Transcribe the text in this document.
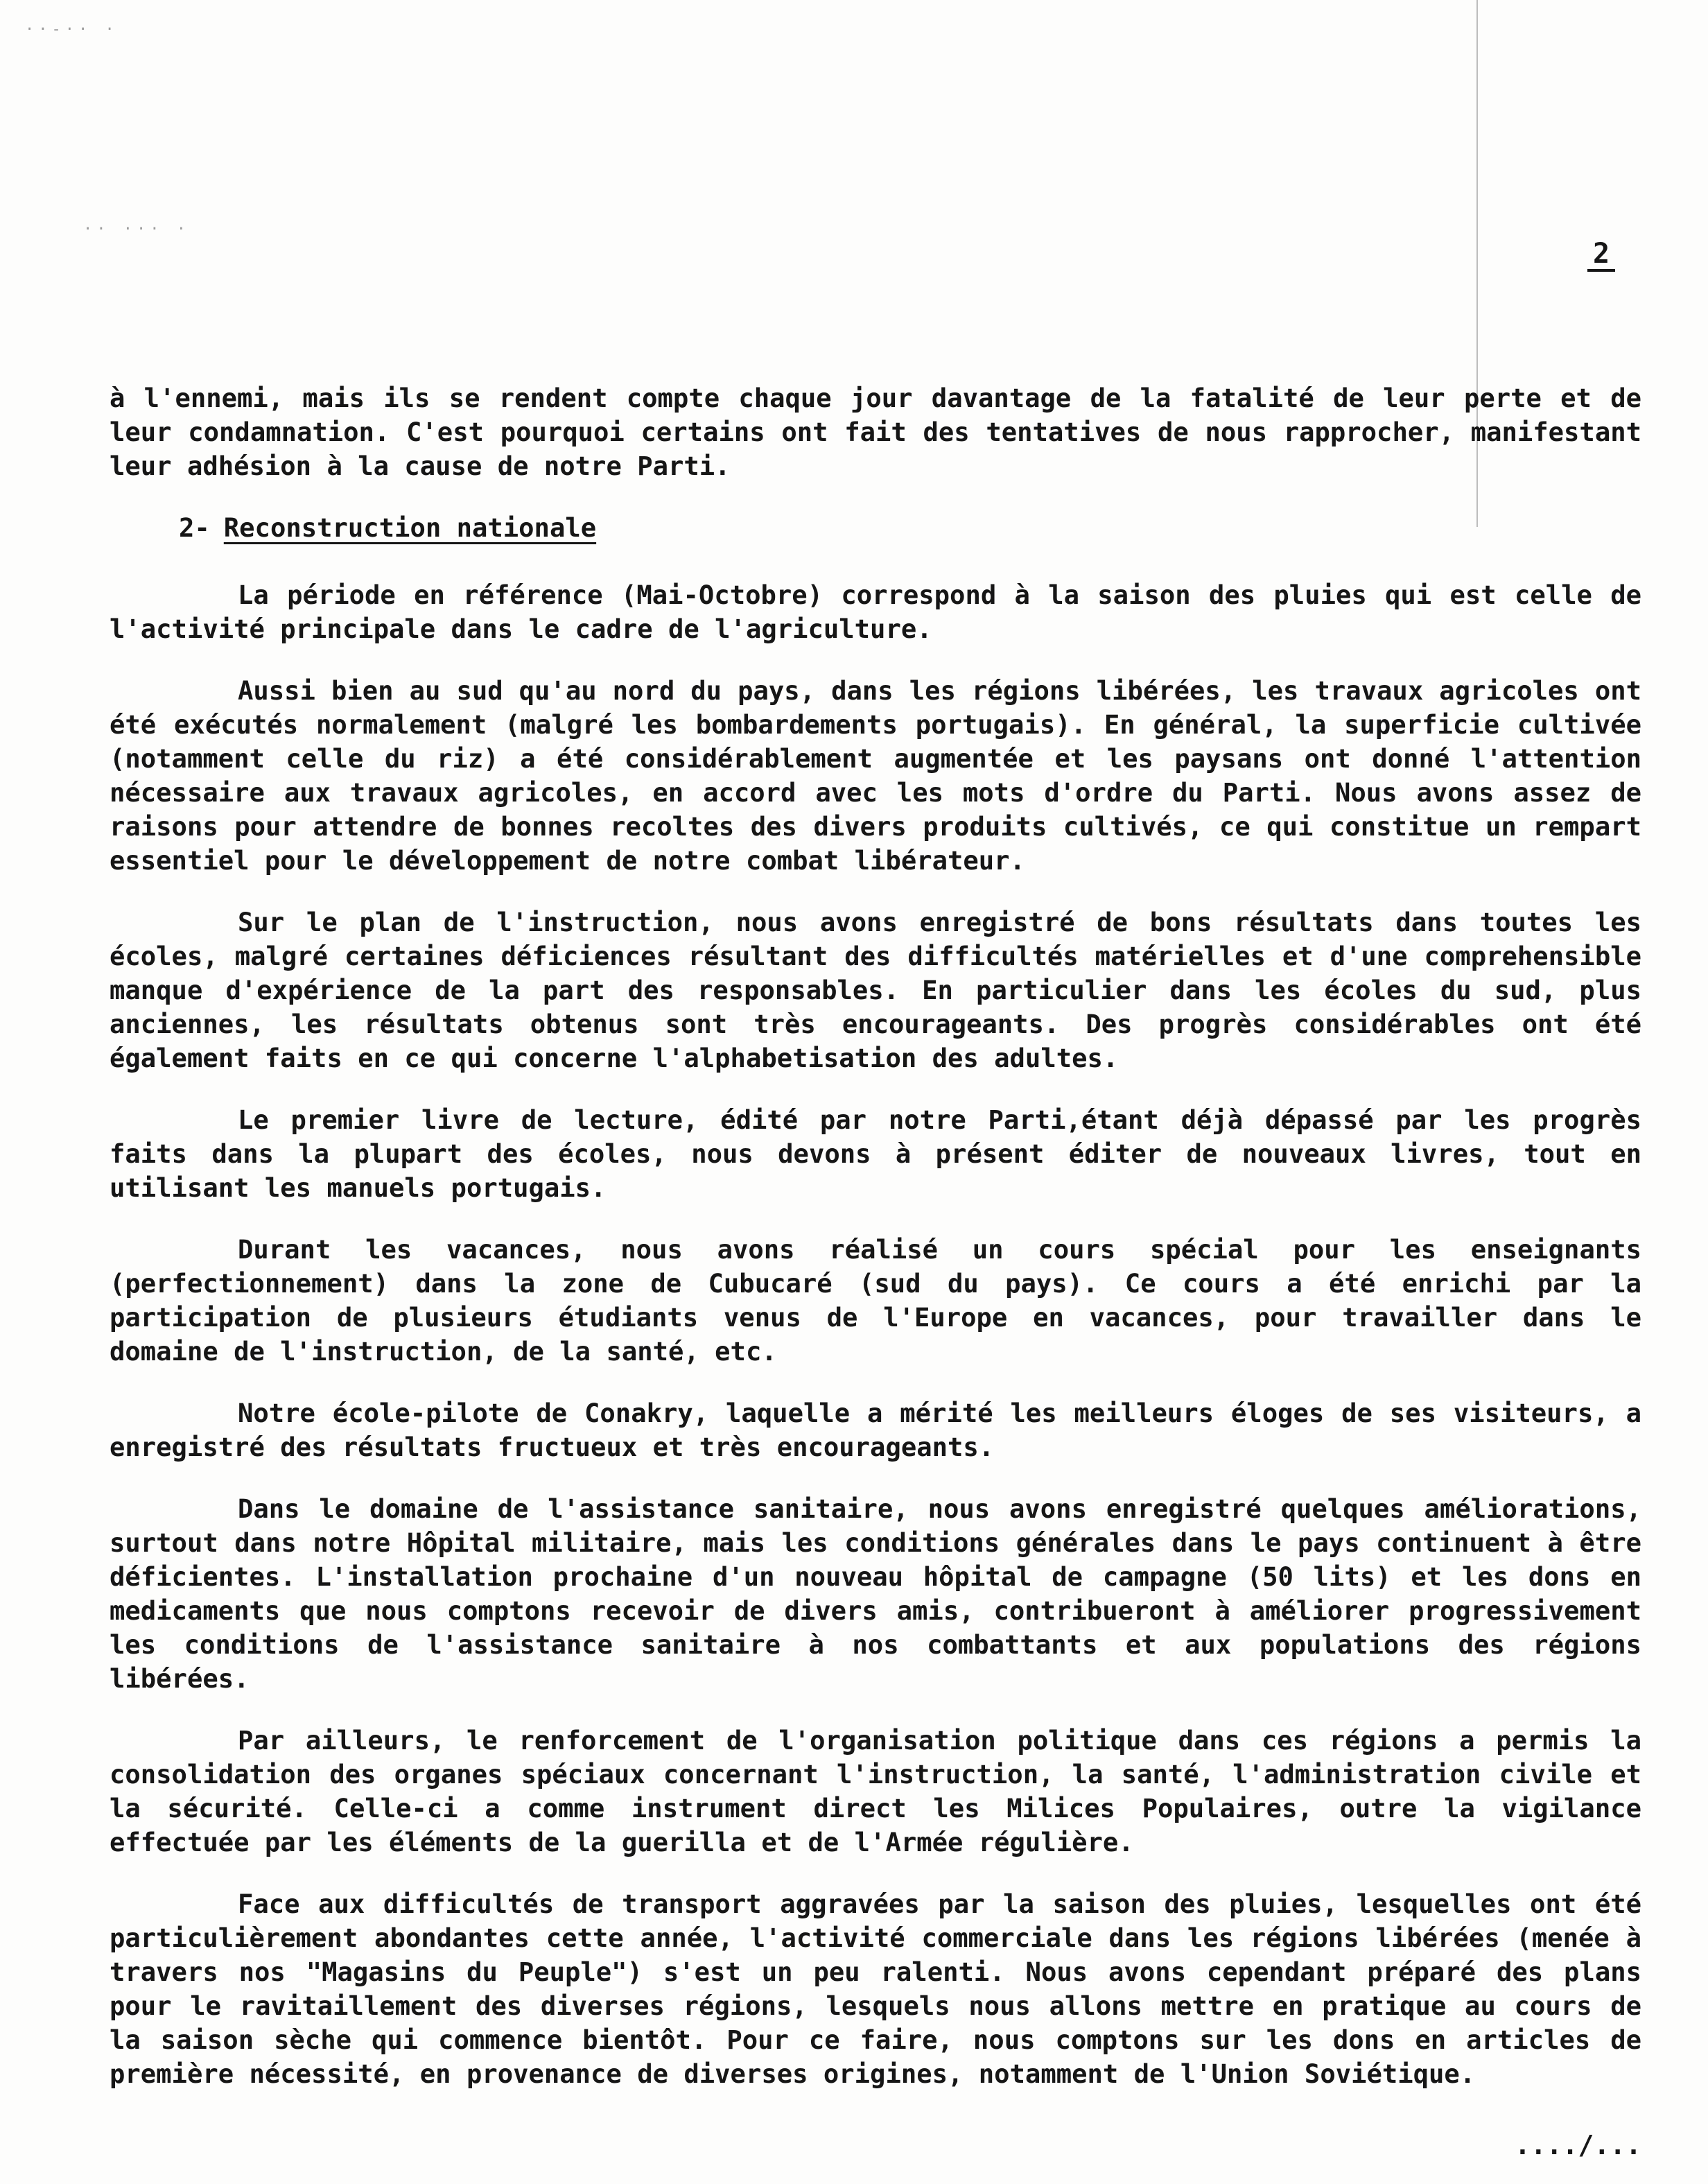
··-·· ·
·· ··· ·
2

à l'ennemi, mais ils se rendent compte chaque jour davantage de la fatalité de leur perte et de leur condamnation. C'est pourquoi certains ont fait des tentatives de nous rapprocher, manifestant leur adhésion à la cause de notre Parti.

2- Reconstruction nationale

La période en référence (Mai-Octobre) correspond à la saison des pluies qui est celle de l'activité principale dans le cadre de l'agriculture.

Aussi bien au sud qu'au nord du pays, dans les régions libérées, les travaux agricoles ont été exécutés normalement (malgré les bombardements portugais). En général, la superficie cultivée (notamment celle du riz) a été considérablement augmentée et les paysans ont donné l'attention nécessaire aux travaux agricoles, en accord avec les mots d'ordre du Parti. Nous avons assez de raisons pour attendre de bonnes recoltes des divers produits cultivés, ce qui constitue un rempart essentiel pour le développement de notre combat libérateur.

Sur le plan de l'instruction, nous avons enregistré de bons résultats dans toutes les écoles, malgré certaines déficiences résultant des difficultés matérielles et d'une comprehensible manque d'expérience de la part des responsables. En particulier dans les écoles du sud, plus anciennes, les résultats obtenus sont très encourageants. Des progrès considérables ont été également faits en ce qui concerne l'alphabetisation des adultes.

Le premier livre de lecture, édité par notre Parti,étant déjà dépassé par les progrès faits dans la plupart des écoles, nous devons à présent éditer de nouveaux livres, tout en utilisant les manuels portugais.

Durant les vacances, nous avons réalisé un cours spécial pour les enseignants (perfectionnement) dans la zone de Cubucaré (sud du pays). Ce cours a été enrichi par la participation de plusieurs étudiants venus de l'Europe en vacances, pour travailler dans le domaine de l'instruction, de la santé, etc.

Notre école-pilote de Conakry, laquelle a mérité les meilleurs éloges de ses visiteurs, a enregistré des résultats fructueux et très encourageants.

Dans le domaine de l'assistance sanitaire, nous avons enregistré quelques améliorations, surtout dans notre Hôpital militaire, mais les conditions générales dans le pays continuent à être déficientes. L'installation prochaine d'un nouveau hôpital de campagne (50 lits) et les dons en medicaments que nous comptons recevoir de divers amis, contribueront à améliorer progressivement les conditions de l'assistance sanitaire à nos combattants et aux populations des régions libérées.

Par ailleurs, le renforcement de l'organisation politique dans ces régions a permis la consolidation des organes spéciaux concernant l'instruction, la santé, l'administration civile et la sécurité. Celle-ci a comme instrument direct les Milices Populaires, outre la vigilance effectuée par les éléments de la guerilla et de l'Armée régulière.

Face aux difficultés de transport aggravées par la saison des pluies, lesquelles ont été particulièrement abondantes cette année, l'activité commerciale dans les régions libérées (menée à travers nos "Magasins du Peuple") s'est un peu ralenti. Nous avons cependant préparé des plans pour le ravitaillement des diverses régions, lesquels nous allons mettre en pratique au cours de la saison sèche qui commence bientôt. Pour ce faire, nous comptons sur les dons en articles de première nécessité, en provenance de diverses origines, notamment de l'Union Soviétique.

..../...
